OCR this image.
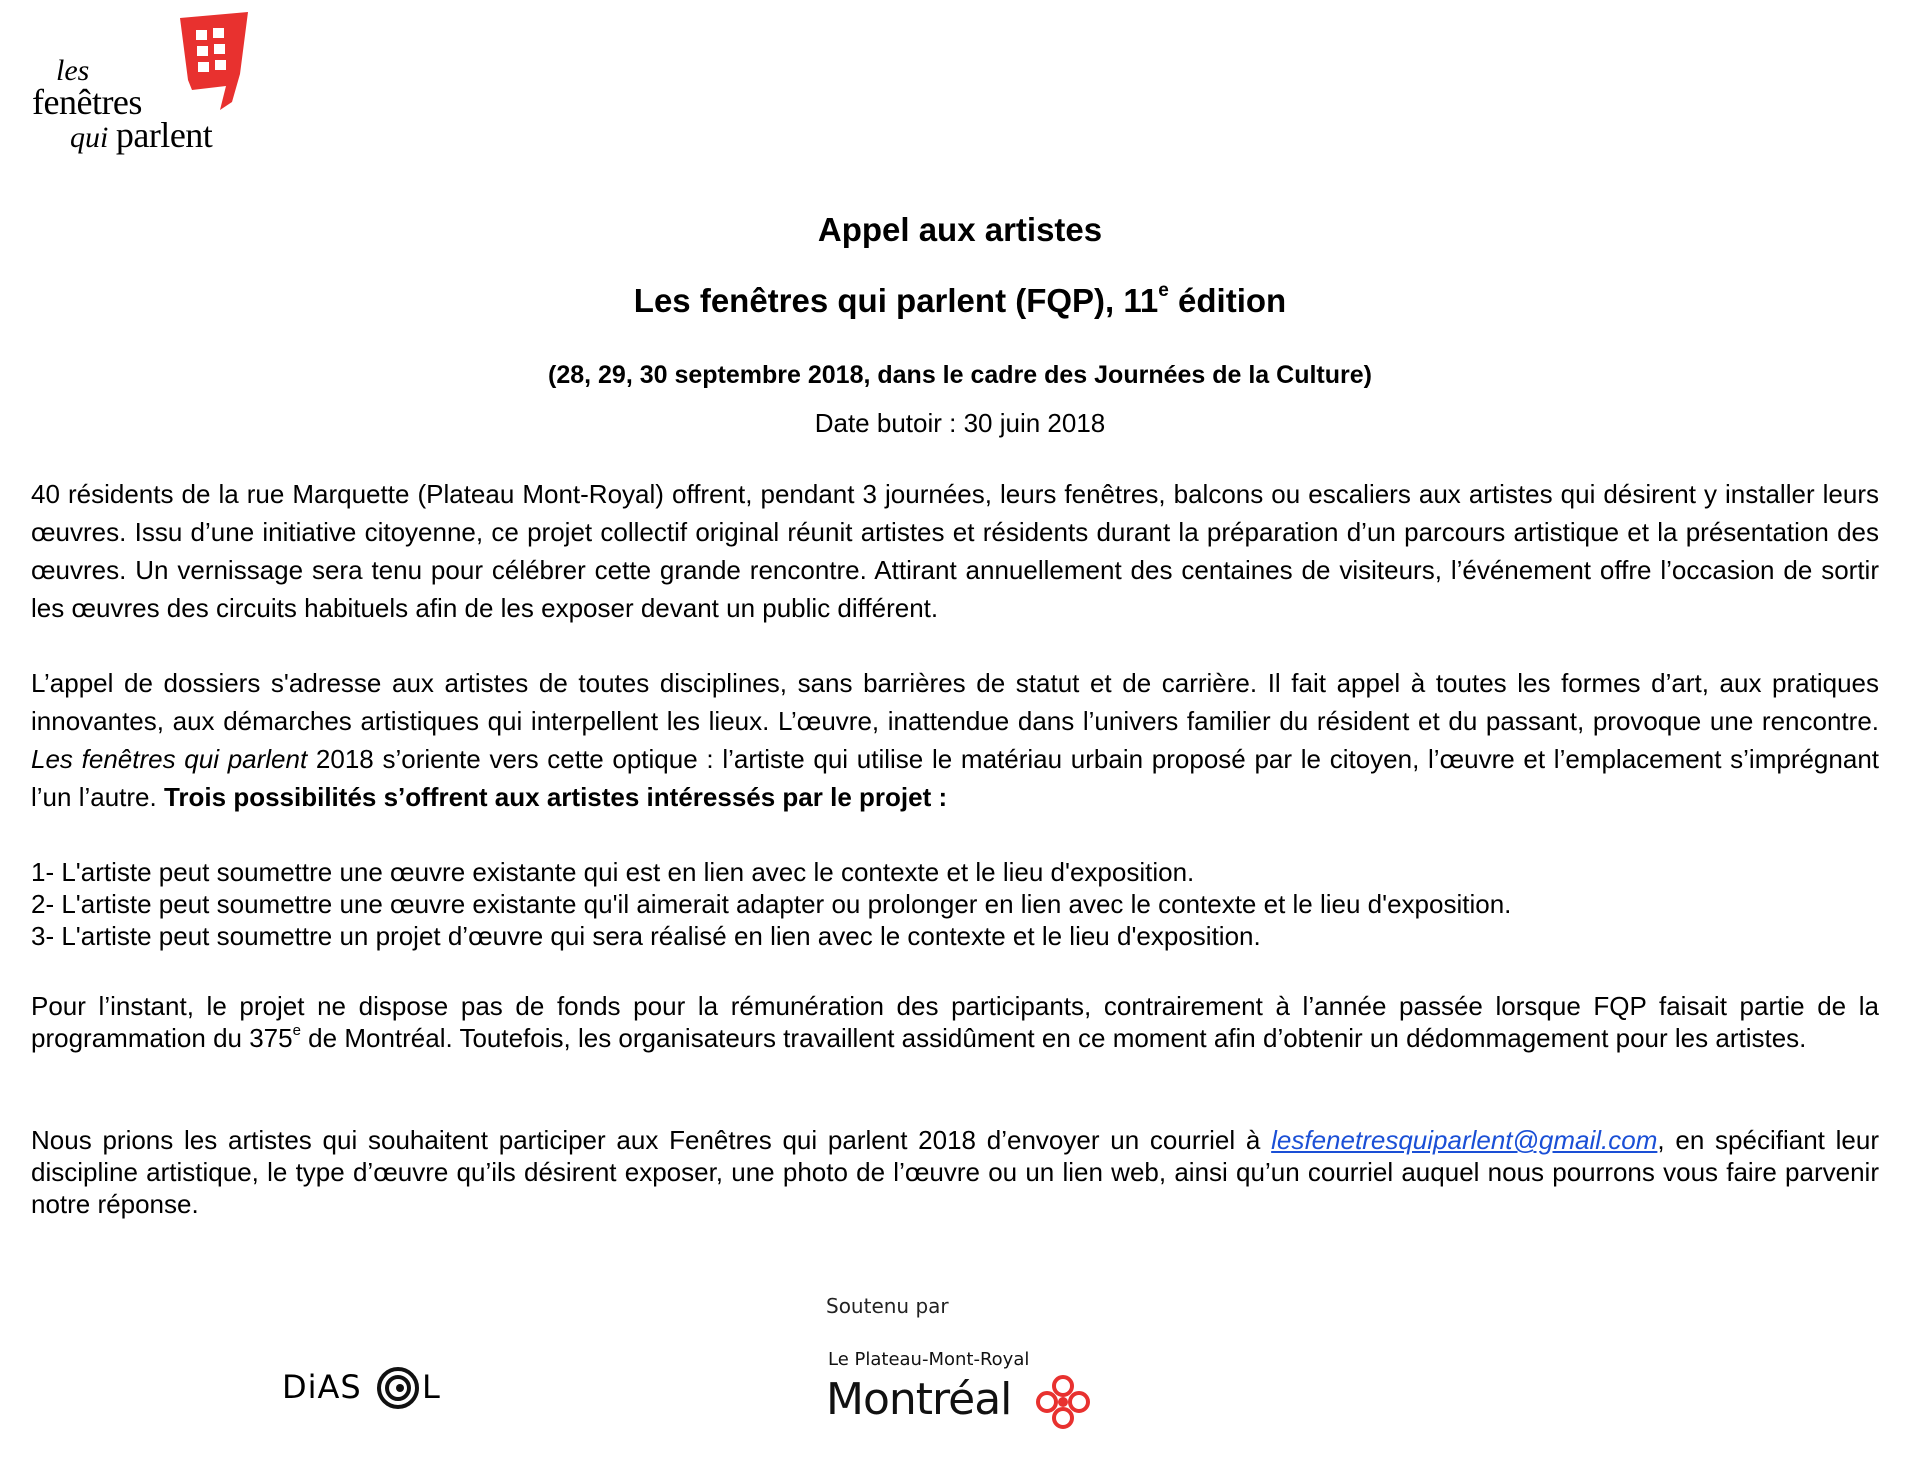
les
fenêtres
qui parlent
Appel aux artistes
Les fenêtres qui parlent (FQP), 11e édition
(28, 29, 30 septembre 2018, dans le cadre des Journées de la Culture)
Date butoir : 30 juin 2018
40 résidents de la rue Marquette (Plateau Mont-Royal) offrent, pendant 3 journées, leurs fenêtres, balcons ou escaliers aux artistes qui désirent y installer leurs œuvres. Issu d’une initiative citoyenne, ce projet collectif original réunit artistes et résidents durant la préparation d’un parcours artistique et la présentation des œuvres. Un vernissage sera tenu pour célébrer cette grande rencontre. Attirant annuellement des centaines de visiteurs, l’événement offre l’occasion de sortir les œuvres des circuits habituels afin de les exposer devant un public différent.
L’appel de dossiers s'adresse aux artistes de toutes disciplines, sans barrières de statut et de carrière. Il fait appel à toutes les formes d’art, aux pratiques innovantes, aux démarches artistiques qui interpellent les lieux. L’œuvre, inattendue dans l’univers familier du résident et du passant, provoque une rencontre. Les fenêtres qui parlent 2018 s’oriente vers cette optique : l’artiste qui utilise le matériau urbain proposé par le citoyen, l’œuvre et l’emplacement s’imprégnant l’un l’autre. Trois possibilités s’offrent aux artistes intéressés par le projet :
1- L'artiste peut soumettre une œuvre existante qui est en lien avec le contexte et le lieu d'exposition.
2- L'artiste peut soumettre une œuvre existante qu'il aimerait adapter ou prolonger en lien avec le contexte et le lieu d'exposition.
3- L'artiste peut soumettre un projet d’œuvre qui sera réalisé en lien avec le contexte et le lieu d'exposition.
Pour l’instant, le projet ne dispose pas de fonds pour la rémunération des participants, contrairement à l’année passée lorsque FQP faisait partie de la programmation du 375e de Montréal. Toutefois, les organisateurs travaillent assidûment en ce moment afin d’obtenir un dédommagement pour les artistes.
Nous prions les artistes qui souhaitent participer aux Fenêtres qui parlent 2018 d’envoyer un courriel à lesfenetresquiparlent@gmail.com, en spécifiant leur discipline artistique, le type d’œuvre qu’ils désirent exposer, une photo de l’œuvre ou un lien web, ainsi qu’un courriel auquel nous pourrons vous faire parvenir notre réponse.
Soutenu par
DiAS L
Le Plateau-Mont-Royal
Montréal
